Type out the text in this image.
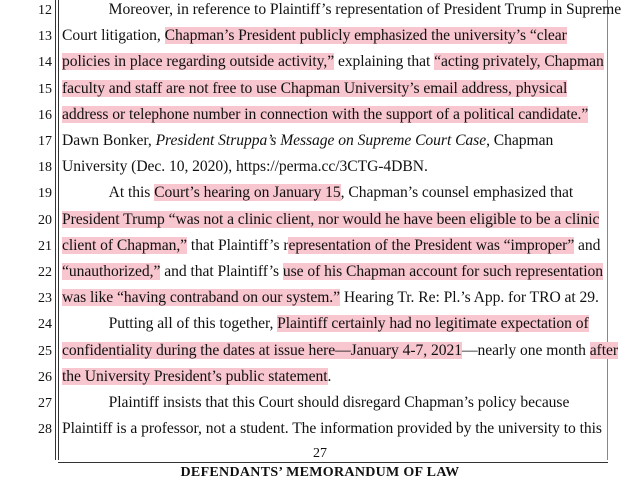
12
13
14
15
16
17
18
19
20
21
22
23
24
25
26
27
28
   Moreover, in reference to Plaintiff’s representation of President Trump in Supreme
Court litigation, Chapman’s President publicly emphasized the university’s “clear
policies in place regarding outside activity,” explaining that “acting privately, Chapman
faculty and staff are not free to use Chapman University’s email address, physical
address or telephone number in connection with the support of a political candidate.”
Dawn Bonker, President Struppa’s Message on Supreme Court Case, Chapman
University (Dec. 10, 2020), https://perma.cc/3CTG-4DBN.
   At this Court’s hearing on January 15, Chapman’s counsel emphasized that
President Trump “was not a clinic client, nor would he have been eligible to be a clinic
client of Chapman,” that Plaintiff’s representation of the President was “improper” and
“unauthorized,” and that Plaintiff’s use of his Chapman account for such representation
was like “having contraband on our system.” Hearing Tr. Re: Pl.’s App. for TRO at 29.
   Putting all of this together, Plaintiff certainly had no legitimate expectation of
confidentiality during the dates at issue here—January 4-7, 2021—nearly one month after
the University President’s public statement.
   Plaintiff insists that this Court should disregard Chapman’s policy because
Plaintiff is a professor, not a student. The information provided by the university to this
27
DEFENDANTS’ MEMORANDUM OF LAW
